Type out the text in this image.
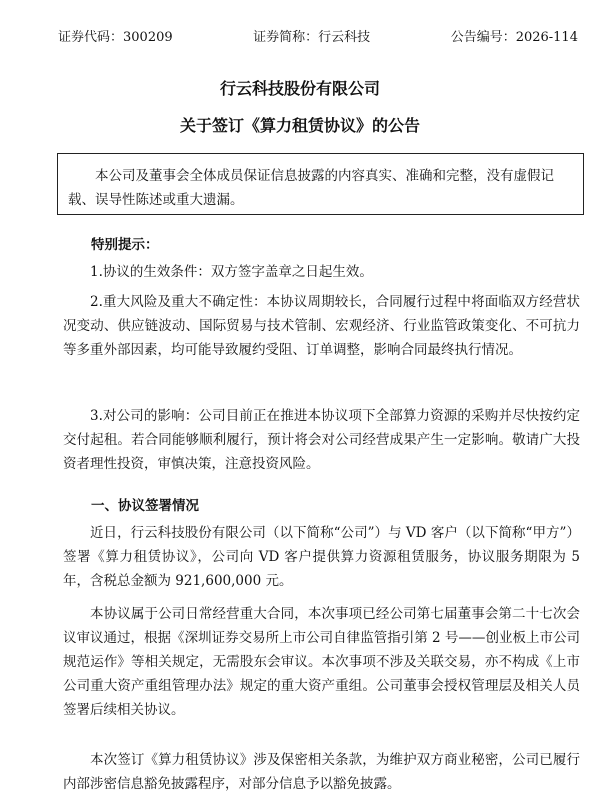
证券代码：300209	证券简称：行云科技	公告编号：2026-114
行云科技股份有限公司
关于签订《算力租赁协议》的公告
本公司及董事会全体成员保证信息披露的内容真实、准确和完整，没有虚假记载、误导性陈述或重大遗漏。
特别提示：

1.协议的生效条件：双方签字盖章之日起生效。

2.重大风险及重大不确定性：本协议周期较长，合同履行过程中将面临双方经营状况变动、供应链波动、国际贸易与技术管制、宏观经济、行业监管政策变化、不可抗力等多重外部因素，均可能导致履约受阻、订单调整，影响合同最终执行情况。

3.对公司的影响：公司目前正在推进本协议项下全部算力资源的采购并尽快按约定交付起租。若合同能够顺利履行，预计将会对公司经营成果产生一定影响。敬请广大投资者理性投资，审慎决策，注意投资风险。

一、协议签署情况

近日，行云科技股份有限公司（以下简称“公司”）与 VD 客户（以下简称“甲方”）签署《算力租赁协议》，公司向 VD 客户提供算力资源租赁服务，协议服务期限为 5 年，含税总金额为 921,600,000 元。

本协议属于公司日常经营重大合同，本次事项已经公司第七届董事会第二十七次会议审议通过，根据《深圳证券交易所上市公司自律监管指引第 2 号——创业板上市公司规范运作》等相关规定，无需股东会审议。本次事项不涉及关联交易，亦不构成《上市公司重大资产重组管理办法》规定的重大资产重组。公司董事会授权管理层及相关人员签署后续相关协议。

本次签订《算力租赁协议》涉及保密相关条款，为维护双方商业秘密，公司已履行内部涉密信息豁免披露程序，对部分信息予以豁免披露。
